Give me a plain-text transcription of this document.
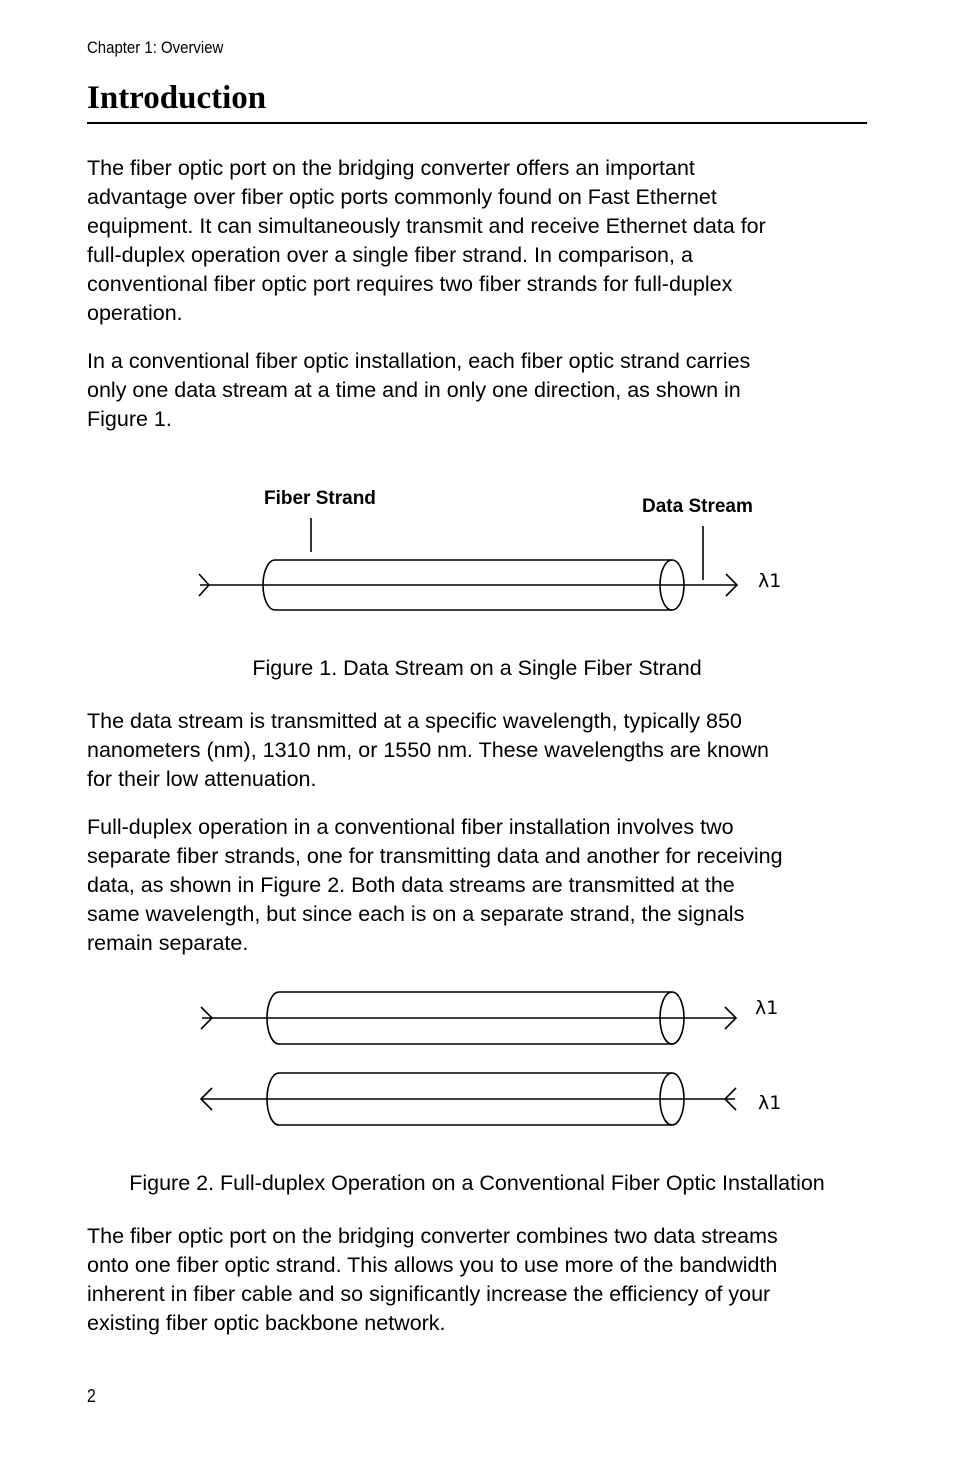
Chapter 1: Overview
Introduction

The fiber optic port on the bridging converter offers an important
advantage over fiber optic ports commonly found on Fast Ethernet
equipment. It can simultaneously transmit and receive Ethernet data for
full-duplex operation over a single fiber strand. In comparison, a
conventional fiber optic port requires two fiber strands for full-duplex
operation.

In a conventional fiber optic installation, each fiber optic strand carries
only one data stream at a time and in only one direction, as shown in
Figure 1.

Fiber Strand	Data Stream
λ1

Figure 1. Data Stream on a Single Fiber Strand

The data stream is transmitted at a specific wavelength, typically 850
nanometers (nm), 1310 nm, or 1550 nm. These wavelengths are known
for their low attenuation.

Full-duplex operation in a conventional fiber installation involves two
separate fiber strands, one for transmitting data and another for receiving
data, as shown in Figure 2. Both data streams are transmitted at the
same wavelength, but since each is on a separate strand, the signals
remain separate.

λ1
λ1

Figure 2. Full-duplex Operation on a Conventional Fiber Optic Installation

The fiber optic port on the bridging converter combines two data streams
onto one fiber optic strand. This allows you to use more of the bandwidth
inherent in fiber cable and so significantly increase the efficiency of your
existing fiber optic backbone network.

2
